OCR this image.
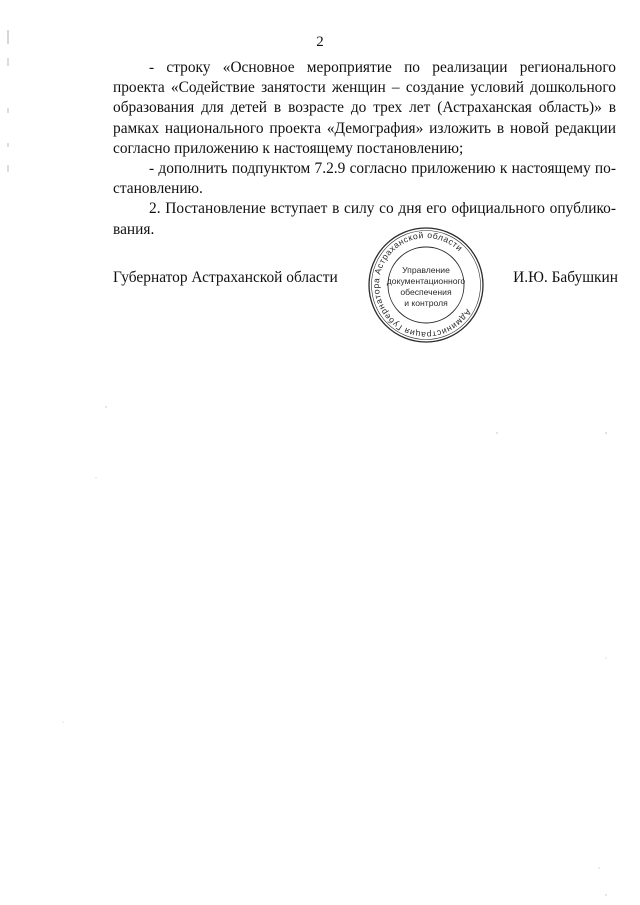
2

- строку «Основное мероприятие по реализации регионального проекта «Содействие занятости женщин – создание условий дошкольного образования для детей в возрасте до трех лет (Астраханская область)» в рамках национального проекта «Демография» изложить в новой редакции согласно приложению к настоящему постановлению;

- дополнить подпунктом 7.2.9 согласно приложению к настоящему постановлению.

2. Постановление вступает в силу со дня его официального опубликования.

Губернатор Астраханской области	И.Ю. Бабушкин
Администрация Губернатора Астраханской области
Управление
документационного
обеспечения
и контроля
